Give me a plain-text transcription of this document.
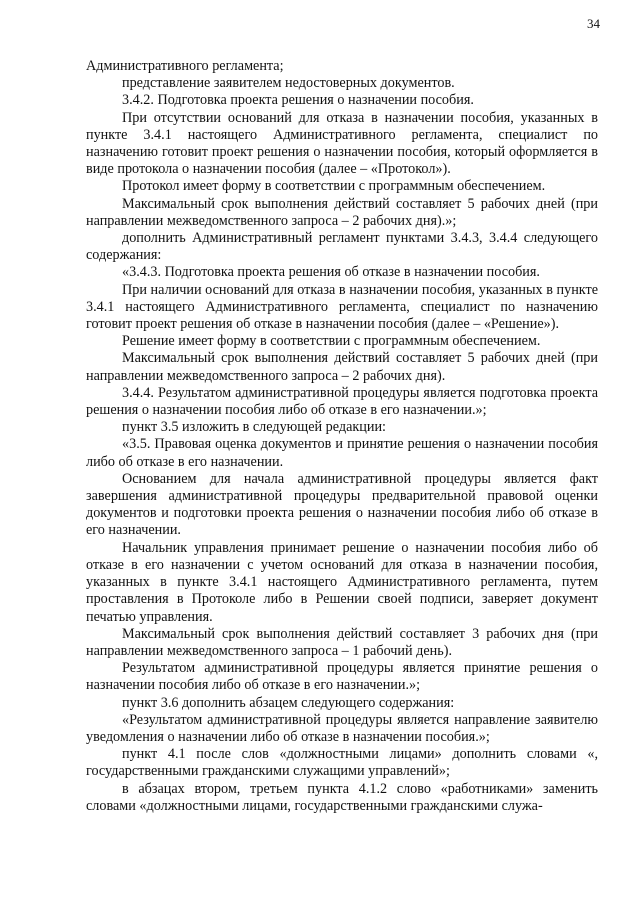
34

Административного регламента;

представление заявителем недостоверных документов.

3.4.2. Подготовка проекта решения о назначении пособия.

При отсутствии оснований для отказа в назначении пособия, указанных в пункте 3.4.1 настоящего Административного регламента, специалист по назначению готовит проект решения о назначении пособия, который оформляется в виде протокола о назначении пособия (далее – «Протокол»).

Протокол имеет форму в соответствии с программным обеспечением.

Максимальный срок выполнения действий составляет 5 рабочих дней (при направлении межведомственного запроса – 2 рабочих дня).»;

дополнить Административный регламент пунктами 3.4.3, 3.4.4 следующего содержания:

«3.4.3. Подготовка проекта решения об отказе в назначении пособия.

При наличии оснований для отказа в назначении пособия, указанных в пункте 3.4.1 настоящего Административного регламента, специалист по назначению готовит проект решения об отказе в назначении пособия (далее – «Решение»).

Решение имеет форму в соответствии с программным обеспечением.

Максимальный срок выполнения действий составляет 5 рабочих дней (при направлении межведомственного запроса – 2 рабочих дня).

3.4.4. Результатом административной процедуры является подготовка проекта решения о назначении пособия либо об отказе в его назначении.»;

пункт 3.5 изложить в следующей редакции:

«3.5. Правовая оценка документов и принятие решения о назначении пособия либо об отказе в его назначении.

Основанием для начала административной процедуры является факт завершения административной процедуры предварительной правовой оценки документов и подготовки проекта решения о назначении пособия либо об отказе в его назначении.

Начальник управления принимает решение о назначении пособия либо об отказе в его назначении с учетом оснований для отказа в назначении пособия, указанных в пункте 3.4.1 настоящего Административного регламента, путем проставления в Протоколе либо в Решении своей подписи, заверяет документ печатью управления.

Максимальный срок выполнения действий составляет 3 рабочих дня (при направлении межведомственного запроса – 1 рабочий день).

Результатом административной процедуры является принятие решения о назначении пособия либо об отказе в его назначении.»;

пункт 3.6 дополнить абзацем следующего содержания:

«Результатом административной процедуры является направление заявителю уведомления о назначении либо об отказе в назначении пособия.»;

пункт 4.1 после слов «должностными лицами» дополнить словами «, государственными гражданскими служащими управлений»;

в абзацах втором, третьем пункта 4.1.2 слово «работниками» заменить словами «должностными лицами, государственными гражданскими служа-
